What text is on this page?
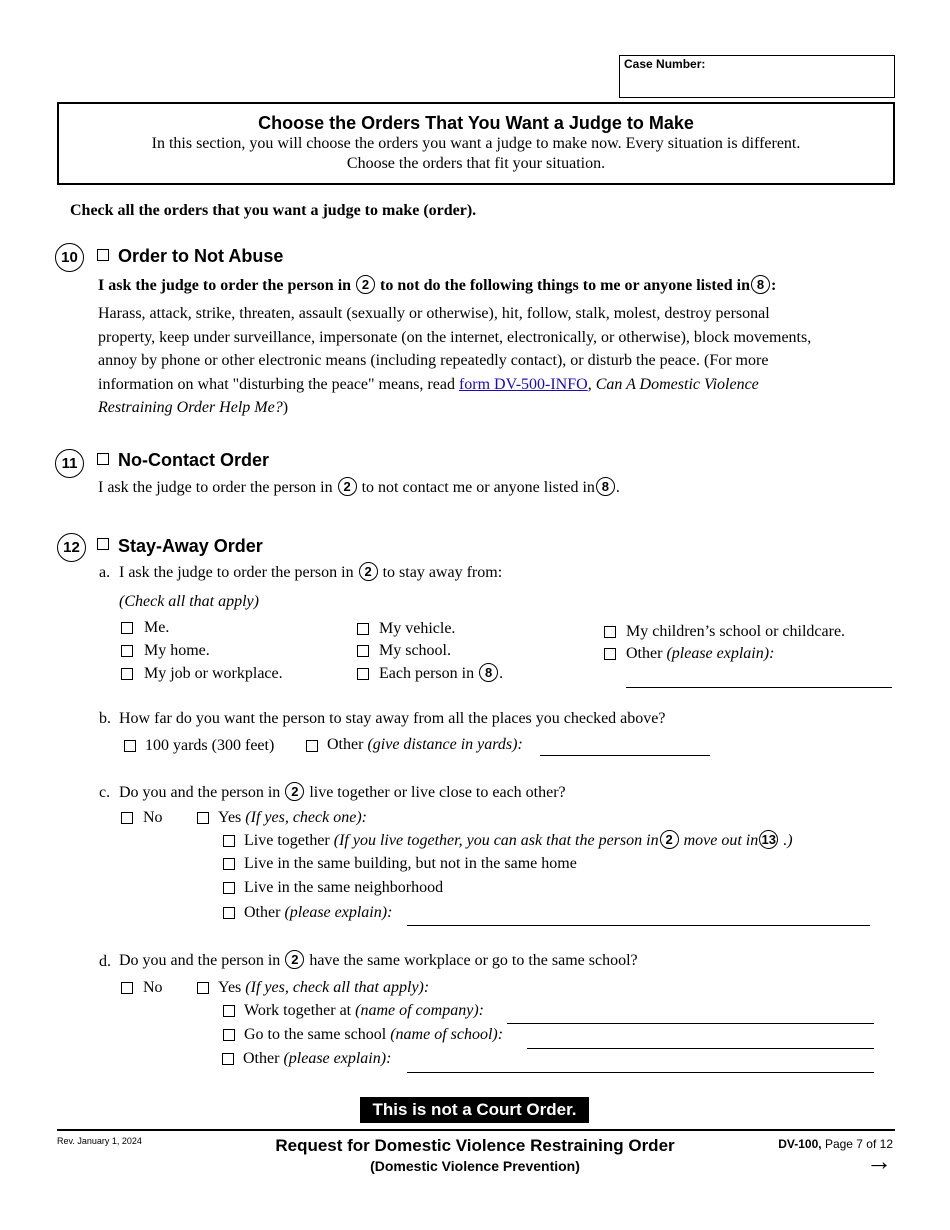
Case Number:
Choose the Orders That You Want a Judge to Make
In this section, you will choose the orders you want a judge to make now. Every situation is different.
Choose the orders that fit your situation.
Check all the orders that you want a judge to make (order).
10	Order to Not Abuse
I ask the judge to order the person in 2 to not do the following things to me or anyone listed in 8 :
Harass, attack, strike, threaten, assault (sexually or otherwise), hit, follow, stalk, molest, destroy personal
property, keep under surveillance, impersonate (on the internet, electronically, or otherwise), block movements,
annoy by phone or other electronic means (including repeatedly contact), or disturb the peace. (For more
information on what "disturbing the peace" means, read form DV-500-INFO, Can A Domestic Violence
Restraining Order Help Me?)
11	No-Contact Order
I ask the judge to order the person in 2 to not contact me or anyone listed in 8 .
12	Stay-Away Order
a. I ask the judge to order the person in 2 to stay away from:
(Check all that apply)
Me.
My home.
My job or workplace.
My vehicle.
My school.
Each person in 8 .
My children’s school or childcare.
Other (please explain):
b. How far do you want the person to stay away from all the places you checked above?
100 yards (300 feet)	Other (give distance in yards):
c. Do you and the person in 2 live together or live close to each other?
No	Yes (If yes, check one):
Live together (If you live together, you can ask that the person in 2 move out in 13 .)
Live in the same building, but not in the same home
Live in the same neighborhood
Other (please explain):
d. Do you and the person in 2 have the same workplace or go to the same school?
No	Yes (If yes, check all that apply):
Work together at (name of company):
Go to the same school (name of school):
Other (please explain):
This is not a Court Order.
Rev. January 1, 2024	Request for Domestic Violence Restraining Order
(Domestic Violence Prevention)
DV-100, Page 7 of 12
→
